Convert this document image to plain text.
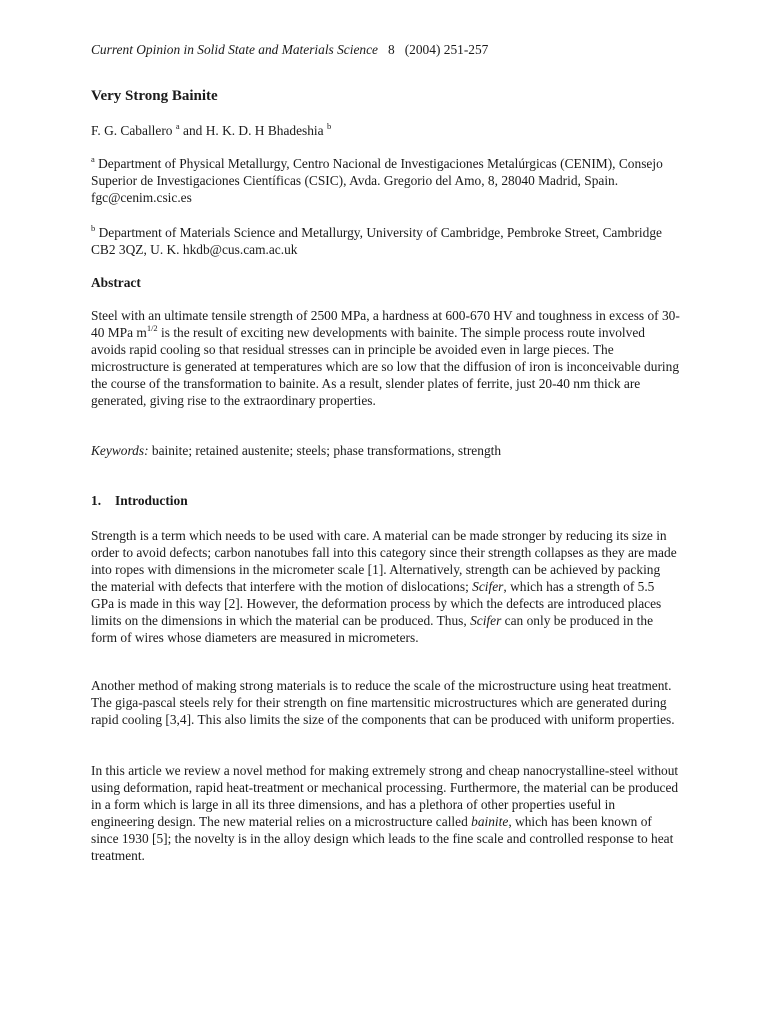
Current Opinion in Solid State and Materials Science 8 (2004) 251-257
Very Strong Bainite
F. G. Caballero $^a$ and H. K. D. H Bhadeshia $^b$

$^a$ Department of Physical Metallurgy, Centro Nacional de Investigaciones Metalúrgicas (CENIM), Consejo Superior de Investigaciones Científicas (CSIC), Avda. Gregorio del Amo, 8, 28040 Madrid, Spain. fgc@cenim.csic.es

$^b$ Department of Materials Science and Metallurgy, University of Cambridge, Pembroke Street, Cambridge CB2 3QZ, U. K. hkdb@cus.cam.ac.uk

Abstract

Steel with an ultimate tensile strength of 2500 MPa, a hardness at 600-670 HV and toughness in excess of 30-40 MPa $m^{1/2}$ is the result of exciting new developments with bainite. The simple process route involved avoids rapid cooling so that residual stresses can in principle be avoided even in large pieces. The microstructure is generated at temperatures which are so low that the diffusion of iron is inconceivable during the course of the transformation to bainite. As a result, slender plates of ferrite, just 20-40 nm thick are generated, giving rise to the extraordinary properties.

Keywords: bainite; retained austenite; steels; phase transformations, strength
1. Introduction

Strength is a term which needs to be used with care. A material can be made stronger by reducing its size in order to avoid defects; carbon nanotubes fall into this category since their strength collapses as they are made into ropes with dimensions in the micrometer scale [1]. Alternatively, strength can be achieved by packing the material with defects that interfere with the motion of dislocations; Scifer, which has a strength of 5.5 GPa is made in this way [2]. However, the deformation process by which the defects are introduced places limits on the dimensions in which the material can be produced. Thus, Scifer can only be produced in the form of wires whose diameters are measured in micrometers.

Another method of making strong materials is to reduce the scale of the microstructure using heat treatment. The giga-pascal steels rely for their strength on fine martensitic microstructures which are generated during rapid cooling [3,4]. This also limits the size of the components that can be produced with uniform properties.

In this article we review a novel method for making extremely strong and cheap nanocrystalline-steel without using deformation, rapid heat-treatment or mechanical processing. Furthermore, the material can be produced in a form which is large in all its three dimensions, and has a plethora of other properties useful in engineering design. The new material relies on a microstructure called bainite, which has been known of since 1930 [5]; the novelty is in the alloy design which leads to the fine scale and controlled response to heat treatment.
